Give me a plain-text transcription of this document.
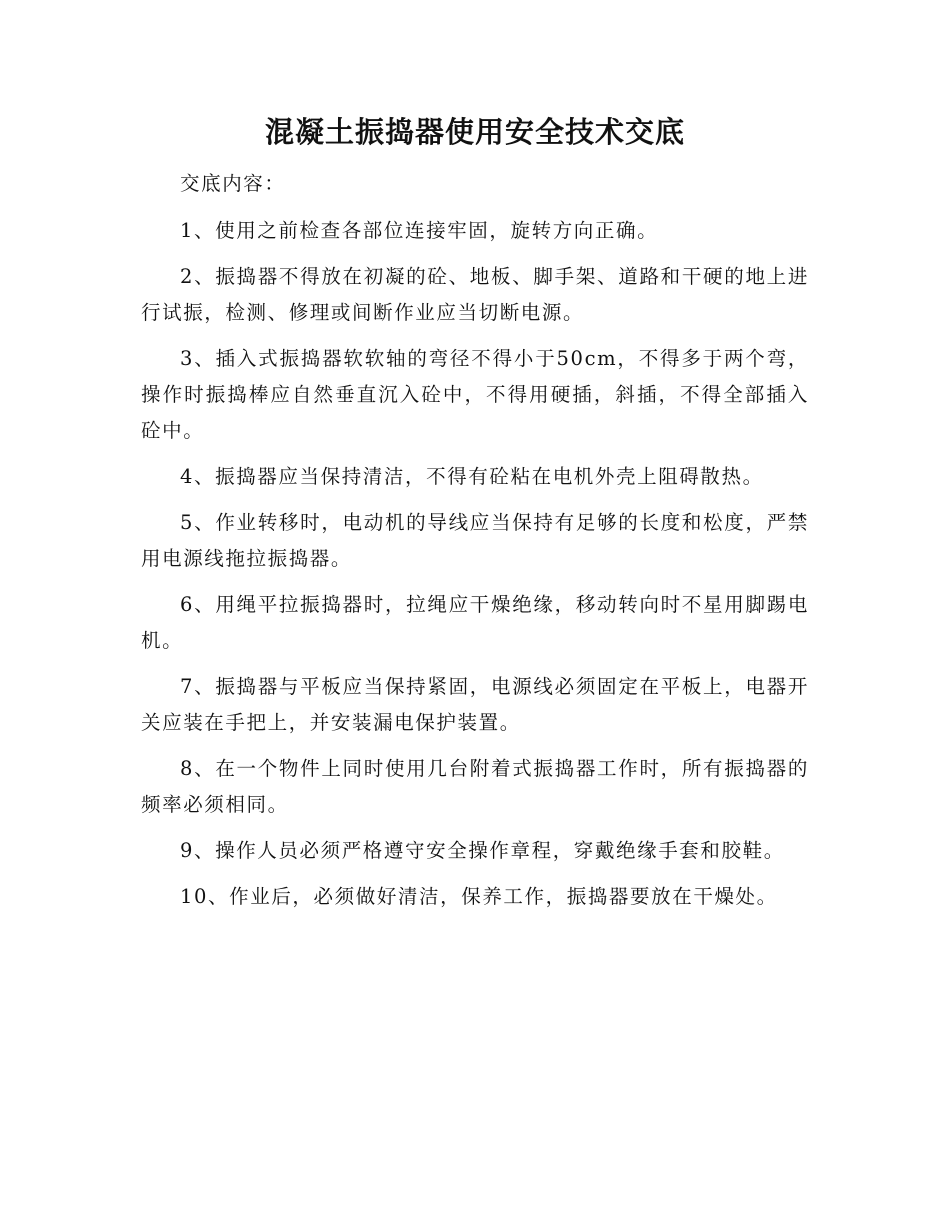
混凝土振捣器使用安全技术交底

交底内容：

1、使用之前检查各部位连接牢固，旋转方向正确。

2、振捣器不得放在初凝的砼、地板、脚手架、道路和干硬的地上进行试振，检测、修理或间断作业应当切断电源。

3、插入式振捣器软软轴的弯径不得小于50cm，不得多于两个弯，操作时振捣棒应自然垂直沉入砼中，不得用硬插，斜插，不得全部插入砼中。

4、振捣器应当保持清洁，不得有砼粘在电机外壳上阻碍散热。

5、作业转移时，电动机的导线应当保持有足够的长度和松度，严禁用电源线拖拉振捣器。

6、用绳平拉振捣器时，拉绳应干燥绝缘，移动转向时不星用脚踢电机。

7、振捣器与平板应当保持紧固，电源线必须固定在平板上，电器开关应装在手把上，并安装漏电保护装置。

8、在一个物件上同时使用几台附着式振捣器工作时，所有振捣器的频率必须相同。

9、操作人员必须严格遵守安全操作章程，穿戴绝缘手套和胶鞋。

10、作业后，必须做好清洁，保养工作，振捣器要放在干燥处。
